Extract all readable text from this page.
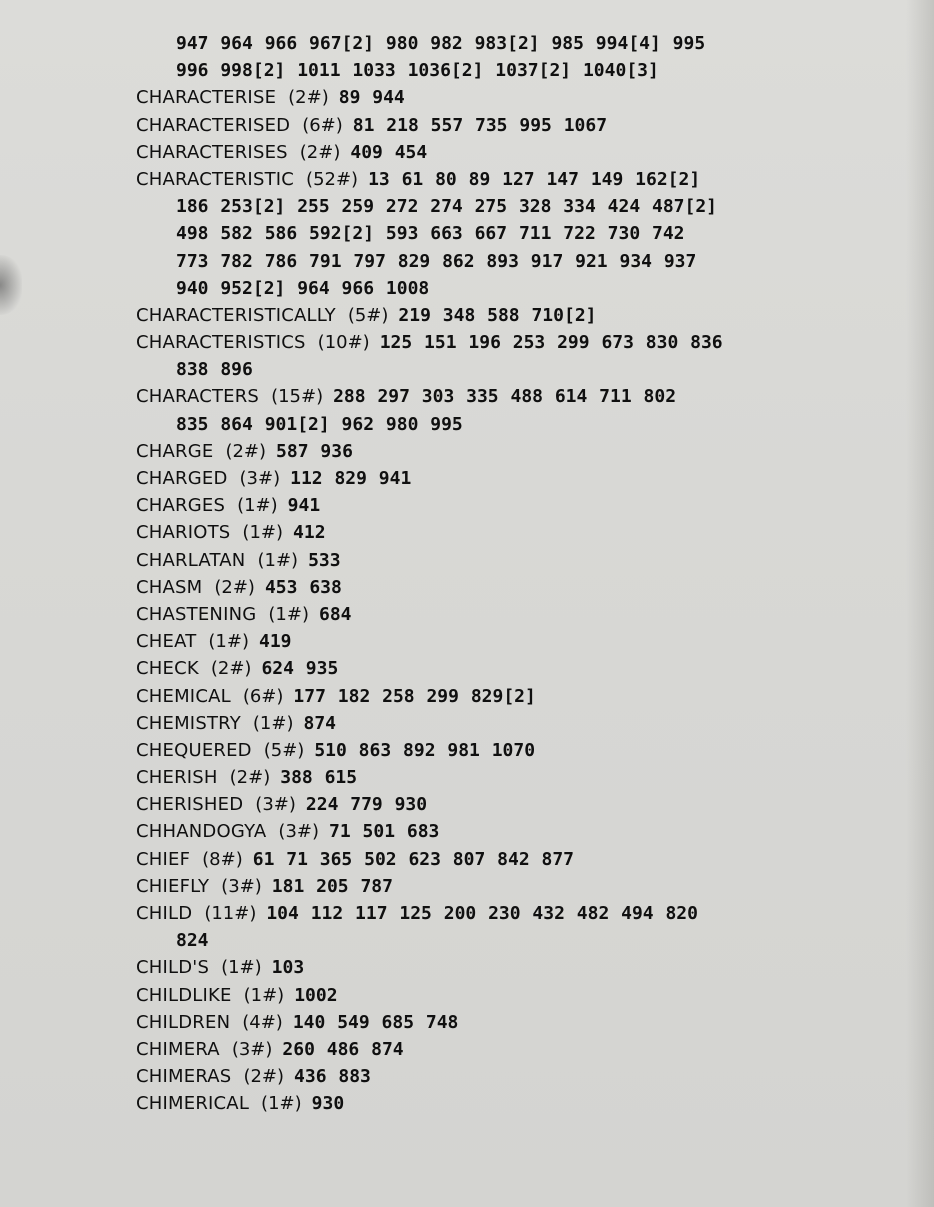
947 964 966 967[2] 980 982 983[2] 985 994[4] 995
996 998[2] 1011 1033 1036[2] 1037[2] 1040[3]
CHARACTERISE (2#) 89 944
CHARACTERISED (6#) 81 218 557 735 995 1067
CHARACTERISES (2#) 409 454
CHARACTERISTIC (52#) 13 61 80 89 127 147 149 162[2]
186 253[2] 255 259 272 274 275 328 334 424 487[2]
498 582 586 592[2] 593 663 667 711 722 730 742
773 782 786 791 797 829 862 893 917 921 934 937
940 952[2] 964 966 1008
CHARACTERISTICALLY (5#) 219 348 588 710[2]
CHARACTERISTICS (10#) 125 151 196 253 299 673 830 836
838 896
CHARACTERS (15#) 288 297 303 335 488 614 711 802
835 864 901[2] 962 980 995
CHARGE (2#) 587 936
CHARGED (3#) 112 829 941
CHARGES (1#) 941
CHARIOTS (1#) 412
CHARLATAN (1#) 533
CHASM (2#) 453 638
CHASTENING (1#) 684
CHEAT (1#) 419
CHECK (2#) 624 935
CHEMICAL (6#) 177 182 258 299 829[2]
CHEMISTRY (1#) 874
CHEQUERED (5#) 510 863 892 981 1070
CHERISH (2#) 388 615
CHERISHED (3#) 224 779 930
CHHANDOGYA (3#) 71 501 683
CHIEF (8#) 61 71 365 502 623 807 842 877
CHIEFLY (3#) 181 205 787
CHILD (11#) 104 112 117 125 200 230 432 482 494 820
824
CHILD'S (1#) 103
CHILDLIKE (1#) 1002
CHILDREN (4#) 140 549 685 748
CHIMERA (3#) 260 486 874
CHIMERAS (2#) 436 883
CHIMERICAL (1#) 930
